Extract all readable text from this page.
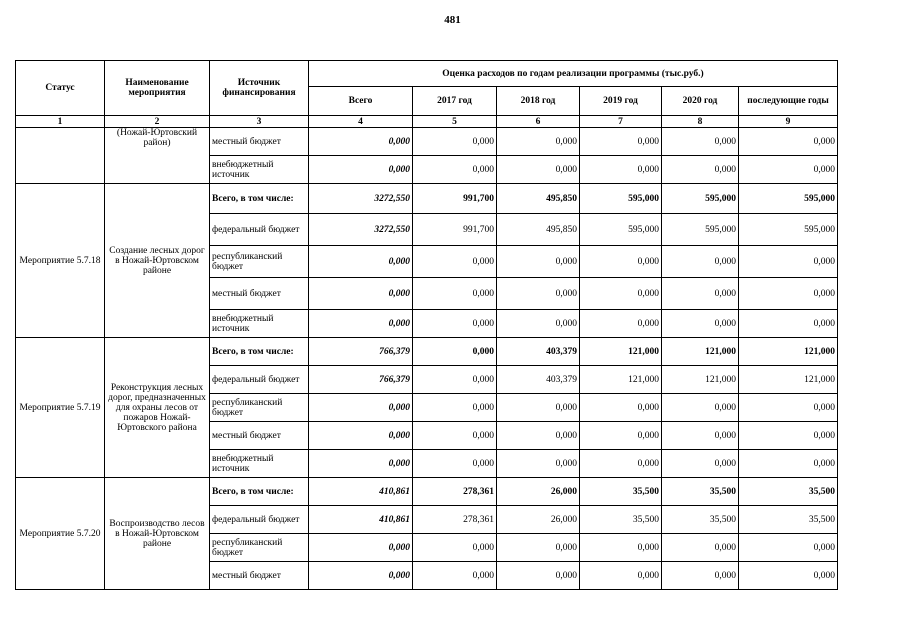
481
Статус	Наименование мероприятия	Источник финансирования	Оценка расходов по годам реализации программы (тыс.руб.)					
			Всего	2017 год	2018 год	2019 год	2020 год	последующие годы
1	2	3	4	5	6	7	8	9
	(Ножай-Юртовский район)	местный бюджет	0,000	0,000	0,000	0,000	0,000	0,000
		внебюджетный источник	0,000	0,000	0,000	0,000	0,000	0,000
Мероприятие 5.7.18	Создание лесных дорог в Ножай-Юртовском районе	Всего, в том числе:	3272,550	991,700	495,850	595,000	595,000	595,000
		федеральный бюджет	3272,550	991,700	495,850	595,000	595,000	595,000
		республиканский бюджет	0,000	0,000	0,000	0,000	0,000	0,000
		местный бюджет	0,000	0,000	0,000	0,000	0,000	0,000
		внебюджетный источник	0,000	0,000	0,000	0,000	0,000	0,000
Мероприятие 5.7.19	Реконструкция лесных дорог, предназначенных для охраны лесов от пожаров Ножай-Юртовского района	Всего, в том числе:	766,379	0,000	403,379	121,000	121,000	121,000
		федеральный бюджет	766,379	0,000	403,379	121,000	121,000	121,000
		республиканский бюджет	0,000	0,000	0,000	0,000	0,000	0,000
		местный бюджет	0,000	0,000	0,000	0,000	0,000	0,000
		внебюджетный источник	0,000	0,000	0,000	0,000	0,000	0,000
Мероприятие 5.7.20	Воспроизводство лесов в Ножай-Юртовском районе	Всего, в том числе:	410,861	278,361	26,000	35,500	35,500	35,500
		федеральный бюджет	410,861	278,361	26,000	35,500	35,500	35,500
		республиканский бюджет	0,000	0,000	0,000	0,000	0,000	0,000
		местный бюджет	0,000	0,000	0,000	0,000	0,000	0,000
